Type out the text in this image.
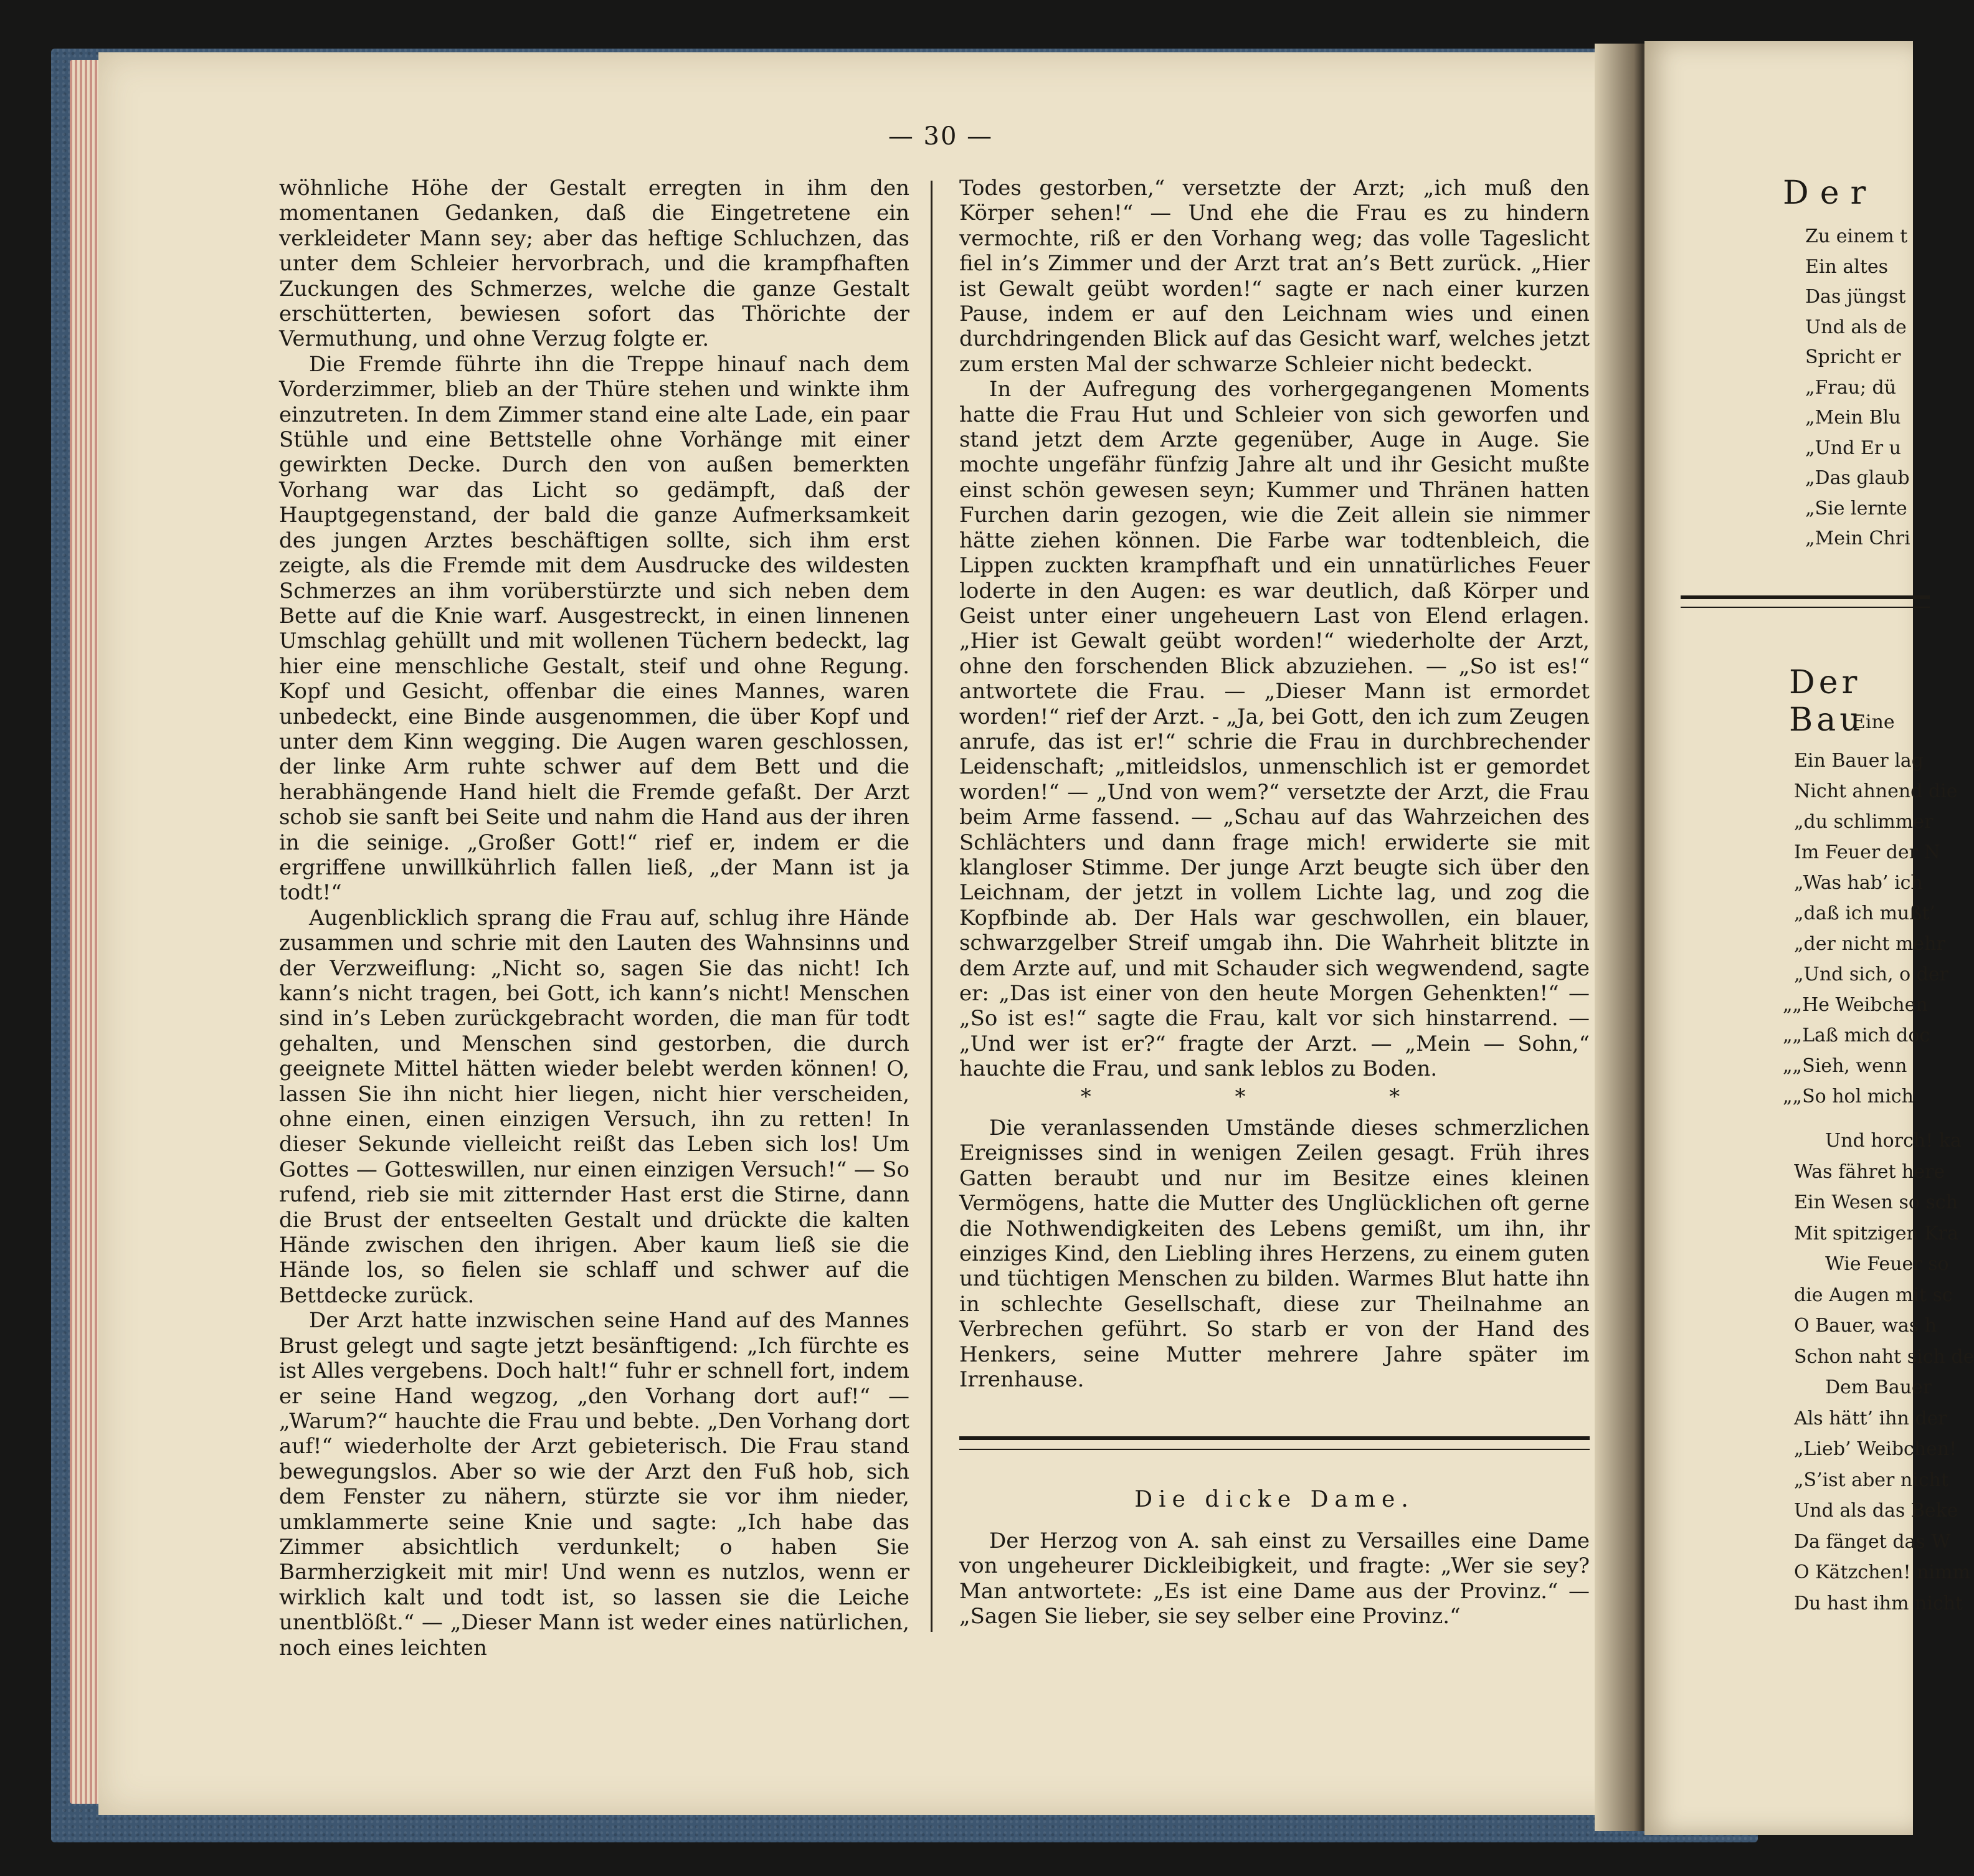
— 30 —

wöhnliche Höhe der Gestalt erregten in ihm den momentanen Gedanken, daß die Eingetretene ein verkleideter Mann sey; aber das heftige Schluchzen, das unter dem Schleier hervorbrach, und die krampfhaften Zuckungen des Schmerzes, welche die ganze Gestalt erschütterten, bewiesen sofort das Thörichte der Vermuthung, und ohne Verzug folgte er.

Die Fremde führte ihn die Treppe hinauf nach dem Vorderzimmer, blieb an der Thüre stehen und winkte ihm einzutreten. In dem Zimmer stand eine alte Lade, ein paar Stühle und eine Bettstelle ohne Vorhänge mit einer gewirkten Decke. Durch den von außen bemerkten Vorhang war das Licht so gedämpft, daß der Hauptgegenstand, der bald die ganze Aufmerksamkeit des jungen Arztes beschäftigen sollte, sich ihm erst zeigte, als die Fremde mit dem Ausdrucke des wildesten Schmerzes an ihm vorüberstürzte und sich neben dem Bette auf die Knie warf. Ausgestreckt, in einen linnenen Umschlag gehüllt und mit wollenen Tüchern bedeckt, lag hier eine menschliche Gestalt, steif und ohne Regung. Kopf und Gesicht, offenbar die eines Mannes, waren unbedeckt, eine Binde ausgenommen, die über Kopf und unter dem Kinn wegging. Die Augen waren geschlossen, der linke Arm ruhte schwer auf dem Bett und die herabhängende Hand hielt die Fremde gefaßt. Der Arzt schob sie sanft bei Seite und nahm die Hand aus der ihren in die seinige. „Großer Gott!“ rief er, indem er die ergriffene unwillkührlich fallen ließ, „der Mann ist ja todt!“

Augenblicklich sprang die Frau auf, schlug ihre Hände zusammen und schrie mit den Lauten des Wahnsinns und der Verzweiflung: „Nicht so, sagen Sie das nicht! Ich kann’s nicht tragen, bei Gott, ich kann’s nicht! Menschen sind in’s Leben zurückgebracht worden, die man für todt gehalten, und Menschen sind gestorben, die durch geeignete Mittel hätten wieder belebt werden können! O, lassen Sie ihn nicht hier liegen, nicht hier verscheiden, ohne einen, einen einzigen Versuch, ihn zu retten! In dieser Sekunde vielleicht reißt das Leben sich los! Um Gottes — Gotteswillen, nur einen einzigen Versuch!“ — So rufend, rieb sie mit zitternder Hast erst die Stirne, dann die Brust der entseelten Gestalt und drückte die kalten Hände zwischen den ihrigen. Aber kaum ließ sie die Hände los, so fielen sie schlaff und schwer auf die Bettdecke zurück.

Der Arzt hatte inzwischen seine Hand auf des Mannes Brust gelegt und sagte jetzt besänftigend: „Ich fürchte es ist Alles vergebens. Doch halt!“ fuhr er schnell fort, indem er seine Hand wegzog, „den Vorhang dort auf!“ — „Warum?“ hauchte die Frau und bebte. „Den Vorhang dort auf!“ wiederholte der Arzt gebieterisch. Die Frau stand bewegungslos. Aber so wie der Arzt den Fuß hob, sich dem Fenster zu nähern, stürzte sie vor ihm nieder, umklammerte seine Knie und sagte: „Ich habe das Zimmer absichtlich verdunkelt; o haben Sie Barmherzigkeit mit mir! Und wenn es nutzlos, wenn er wirklich kalt und todt ist, so lassen sie die Leiche unentblößt.“ — „Dieser Mann ist weder eines natürlichen, noch eines leichten

Todes gestorben,“ versetzte der Arzt; „ich muß den Körper sehen!“ — Und ehe die Frau es zu hindern vermochte, riß er den Vorhang weg; das volle Tageslicht fiel in’s Zimmer und der Arzt trat an’s Bett zurück. „Hier ist Gewalt geübt worden!“ sagte er nach einer kurzen Pause, indem er auf den Leichnam wies und einen durchdringenden Blick auf das Gesicht warf, welches jetzt zum ersten Mal der schwarze Schleier nicht bedeckt.

In der Aufregung des vorhergegangenen Moments hatte die Frau Hut und Schleier von sich geworfen und stand jetzt dem Arzte gegenüber, Auge in Auge. Sie mochte ungefähr fünfzig Jahre alt und ihr Gesicht mußte einst schön gewesen seyn; Kummer und Thränen hatten Furchen darin gezogen, wie die Zeit allein sie nimmer hätte ziehen können. Die Farbe war todtenbleich, die Lippen zuckten krampfhaft und ein unnatürliches Feuer loderte in den Augen: es war deutlich, daß Körper und Geist unter einer ungeheuern Last von Elend erlagen. „Hier ist Gewalt geübt worden!“ wiederholte der Arzt, ohne den forschenden Blick abzuziehen. — „So ist es!“ antwortete die Frau. — „Dieser Mann ist ermordet worden!“ rief der Arzt. - „Ja, bei Gott, den ich zum Zeugen anrufe, das ist er!“ schrie die Frau in durchbrechender Leidenschaft; „mitleidslos, unmenschlich ist er gemordet worden!“ — „Und von wem?“ versetzte der Arzt, die Frau beim Arme fassend. — „Schau auf das Wahrzeichen des Schlächters und dann frage mich! erwiderte sie mit klangloser Stimme. Der junge Arzt beugte sich über den Leichnam, der jetzt in vollem Lichte lag, und zog die Kopfbinde ab. Der Hals war geschwollen, ein blauer, schwarzgelber Streif umgab ihn. Die Wahrheit blitzte in dem Arzte auf, und mit Schauder sich wegwendend, sagte er: „Das ist einer von den heute Morgen Gehenkten!“ — „So ist es!“ sagte die Frau, kalt vor sich hinstarrend. — „Und wer ist er?“ fragte der Arzt. — „Mein — Sohn,“ hauchte die Frau, und sank leblos zu Boden.

* * *

Die veranlassenden Umstände dieses schmerzlichen Ereignisses sind in wenigen Zeilen gesagt. Früh ihres Gatten beraubt und nur im Besitze eines kleinen Vermögens, hatte die Mutter des Unglücklichen oft gerne die Nothwendigkeiten des Lebens gemißt, um ihn, ihr einziges Kind, den Liebling ihres Herzens, zu einem guten und tüchtigen Menschen zu bilden. Warmes Blut hatte ihn in schlechte Gesellschaft, diese zur Theilnahme an Verbrechen geführt. So starb er von der Hand des Henkers, seine Mutter mehrere Jahre später im Irrenhause.

Die dicke Dame.

Der Herzog von A. sah einst zu Versailles eine Dame von ungeheurer Dickleibigkeit, und fragte: „Wer sie sey? Man antwortete: „Es ist eine Dame aus der Provinz.“ — „Sagen Sie lieber, sie sey selber eine Provinz.“

Der
Zu einem t
Ein altes
Das jüngst
Und als de
Spricht er
„Frau; dü
„Mein Blu
„Und Er u
„Das glaub
„Sie lernte
„Mein Chri
Der Bau
Eine
Ein Bauer lag
Nicht ahnend die
„du schlimmer
Im Feuer der N
„Was hab’ ich
„daß ich mußt’
„der nicht mehr
„Und sich, o der
„„He Weibchen
„„Laß mich doc
„„Sieh, wenn
„„So hol mich
Und horch! ka
Was fähret here
Ein Wesen so sch
Mit spitzigen Kra
Wie Feuer so
die Augen mit sc
O Bauer, was h
Schon naht sich de
Dem Bauer
Als hätt’ ihn der
„Lieb’ Weibchen!
„S’ist aber nicht
Und als das Beke
Da fänget das W
O Kätzchen! nimm
Du hast ihm nicht
